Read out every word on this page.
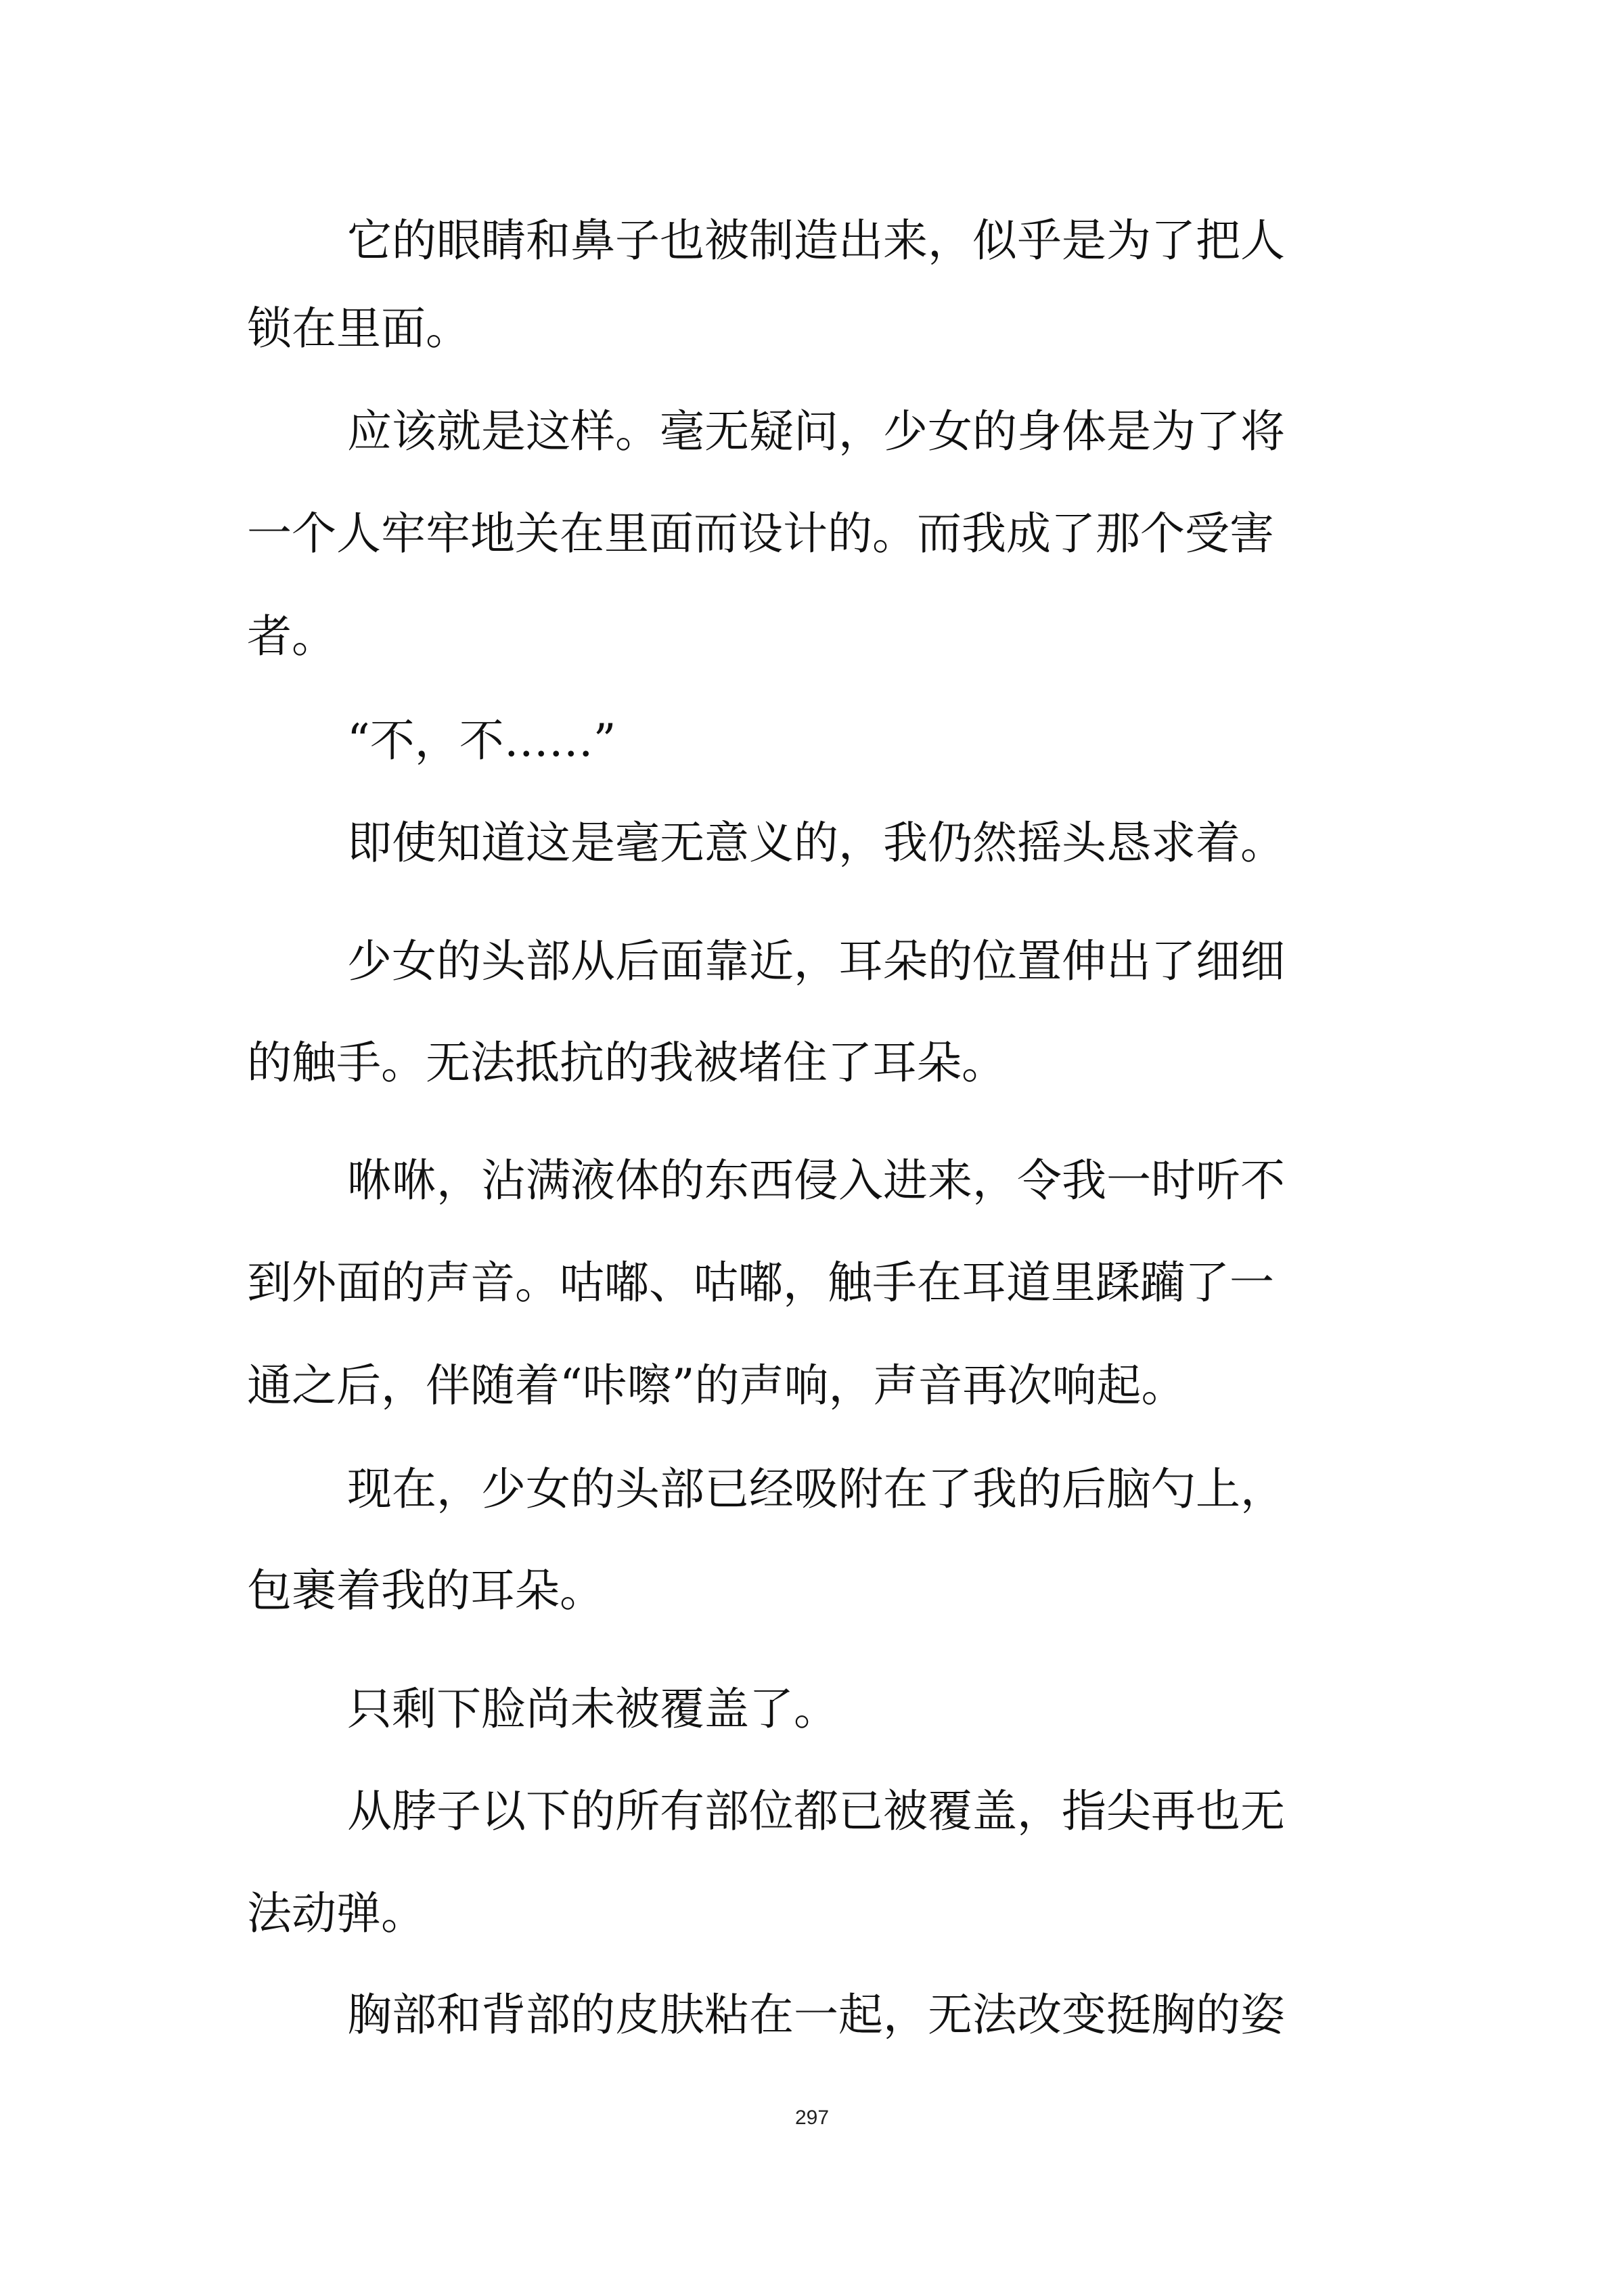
它的眼睛和鼻子也被制造出来，似乎是为了把人
锁在里面。
应该就是这样。毫无疑问，少女的身体是为了将
一个人牢牢地关在里面而设计的。而我成了那个受害
者。
“不，不……”
即使知道这是毫无意义的，我仍然摇头恳求着。
少女的头部从后面靠近，耳朵的位置伸出了细细
的触手。无法抵抗的我被堵住了耳朵。
咻咻，沾满液体的东西侵入进来，令我一时听不
到外面的声音。咕嘟、咕嘟，触手在耳道里蹂躏了一
通之后，伴随着“咔嚓”的声响，声音再次响起。
现在，少女的头部已经吸附在了我的后脑勺上，
包裹着我的耳朵。
只剩下脸尚未被覆盖了。
从脖子以下的所有部位都已被覆盖，指尖再也无
法动弹。
胸部和背部的皮肤粘在一起，无法改变挺胸的姿
297
